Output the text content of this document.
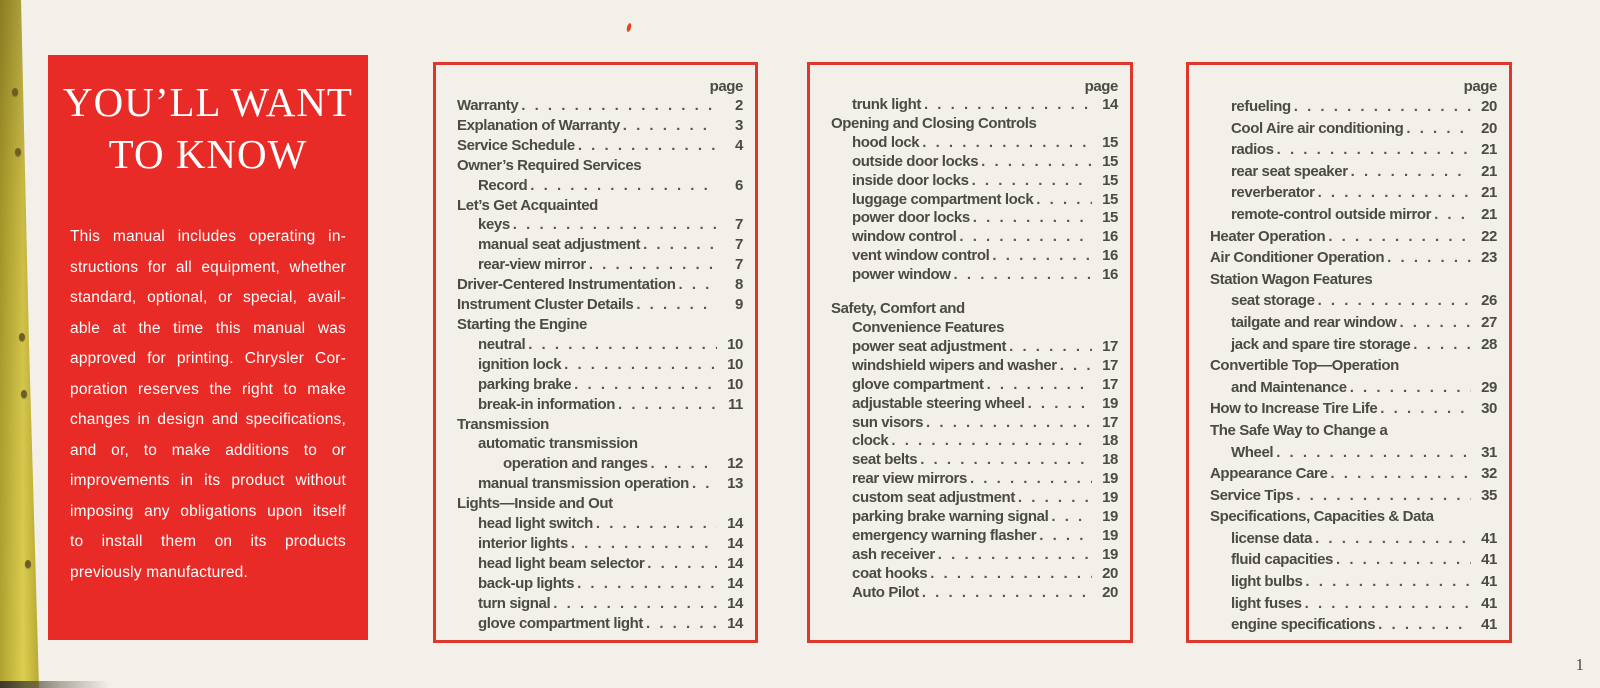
YOU’LL WANT
TO KNOW
This manual includes operating in-
structions for all equipment, whether
standard, optional, or special, avail-
able at the time this manual was
approved for printing. Chrysler Cor-
poration reserves the right to make
changes in design and specifications,
and or, to make additions to or
improvements in its product without
imposing any obligations upon itself
to install them on its products
previously manufactured.
page
Warranty . . .	2
Explanation of Warranty . . .	3
Service Schedule . . .	4
Owner’s Required Services
Record . . .	6
Let’s Get Acquainted
keys . . .	7
manual seat adjustment . . .	7
rear-view mirror . . .	7
Driver-Centered Instrumentation . . .	8
Instrument Cluster Details . . .	9
Starting the Engine
neutral . . .	10
ignition lock . . .	10
parking brake . . .	10
break-in information . . .	11
Transmission
automatic transmission
operation and ranges . . .	12
manual transmission operation . . .	13
Lights—Inside and Out
head light switch . . .	14
interior lights . . .	14
head light beam selector . . .	14
back-up lights . . .	14
turn signal . . .	14
glove compartment light . . .	14
page
trunk light . . .	14
Opening and Closing Controls
hood lock . . .	15
outside door locks . . .	15
inside door locks . . .	15
luggage compartment lock . . .	15
power door locks . . .	15
window control . . .	16
vent window control . . .	16
power window . . .	16
Safety, Comfort and
Convenience Features
power seat adjustment . . .	17
windshield wipers and washer . . .	17
glove compartment . . .	17
adjustable steering wheel . . .	19
sun visors . . .	17
clock . . .	18
seat belts . . .	18
rear view mirrors . . .	19
custom seat adjustment . . .	19
parking brake warning signal . . .	19
emergency warning flasher . . .	19
ash receiver . . .	19
coat hooks . . .	20
Auto Pilot . . .	20
page
refueling . . .	20
Cool Aire air conditioning . . .	20
radios . . .	21
rear seat speaker . . .	21
reverberator . . .	21
remote-control outside mirror . . .	21
Heater Operation . . .	22
Air Conditioner Operation . . .	23
Station Wagon Features
seat storage . . .	26
tailgate and rear window . . .	27
jack and spare tire storage . . .	28
Convertible Top—Operation
and Maintenance . . .	29
How to Increase Tire Life . . .	30
The Safe Way to Change a
Wheel . . .	31
Appearance Care . . .	32
Service Tips . . .	35
Specifications, Capacities & Data
license data . . .	41
fluid capacities . . .	41
light bulbs . . .	41
light fuses . . .	41
engine specifications . . .	41
1
